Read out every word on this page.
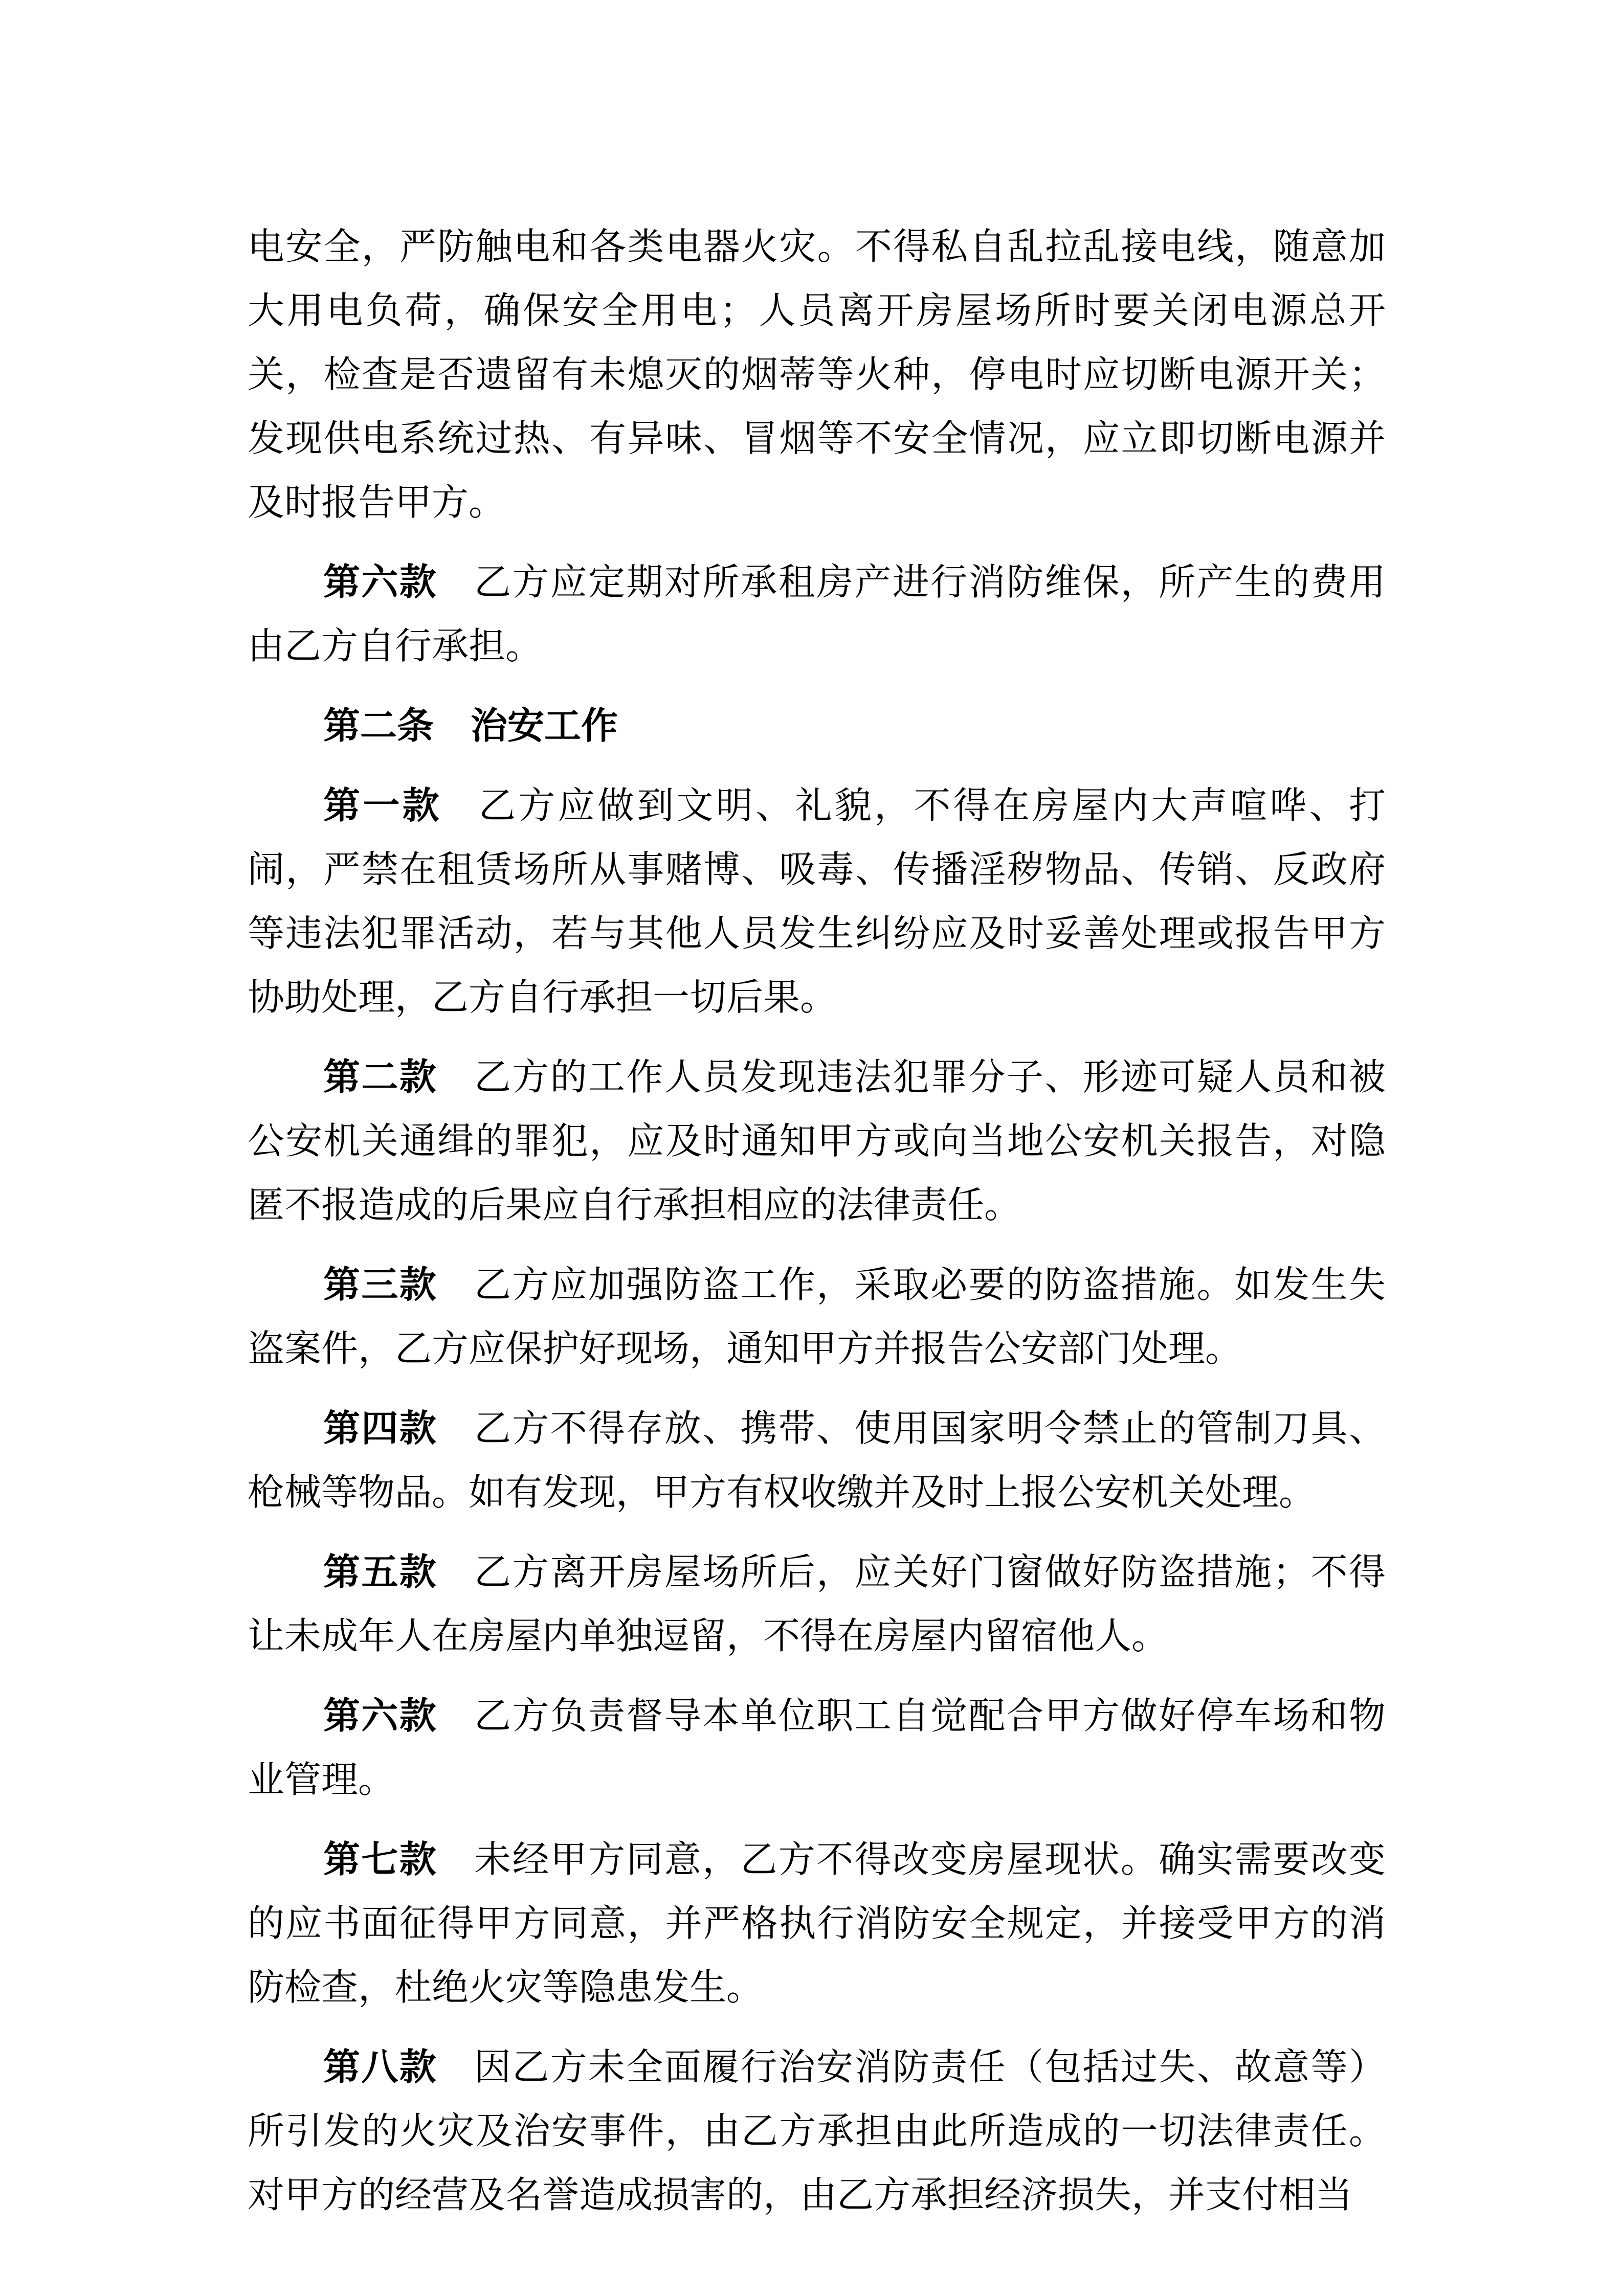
电安全，严防触电和各类电器火灾。不得私自乱拉乱接电线，随意加大用电负荷，确保安全用电；人员离开房屋场所时要关闭电源总开关，检查是否遗留有未熄灭的烟蒂等火种，停电时应切断电源开关；发现供电系统过热、有异味、冒烟等不安全情况，应立即切断电源并及时报告甲方。

第六款 乙方应定期对所承租房产进行消防维保，所产生的费用由乙方自行承担。

第二条 治安工作

第一款 乙方应做到文明、礼貌，不得在房屋内大声喧哗、打闹，严禁在租赁场所从事赌博、吸毒、传播淫秽物品、传销、反政府等违法犯罪活动，若与其他人员发生纠纷应及时妥善处理或报告甲方协助处理，乙方自行承担一切后果。

第二款 乙方的工作人员发现违法犯罪分子、形迹可疑人员和被公安机关通缉的罪犯，应及时通知甲方或向当地公安机关报告，对隐匿不报造成的后果应自行承担相应的法律责任。

第三款 乙方应加强防盗工作，采取必要的防盗措施。如发生失盗案件，乙方应保护好现场，通知甲方并报告公安部门处理。

第四款 乙方不得存放、携带、使用国家明令禁止的管制刀具、枪械等物品。如有发现，甲方有权收缴并及时上报公安机关处理。

第五款 乙方离开房屋场所后，应关好门窗做好防盗措施；不得让未成年人在房屋内单独逗留，不得在房屋内留宿他人。

第六款 乙方负责督导本单位职工自觉配合甲方做好停车场和物业管理。

第七款 未经甲方同意，乙方不得改变房屋现状。确实需要改变的应书面征得甲方同意，并严格执行消防安全规定，并接受甲方的消防检查，杜绝火灾等隐患发生。

第八款 因乙方未全面履行治安消防责任（包括过失、故意等）所引发的火灾及治安事件，由乙方承担由此所造成的一切法律责任。对甲方的经营及名誉造成损害的，由乙方承担经济损失，并支付相当
